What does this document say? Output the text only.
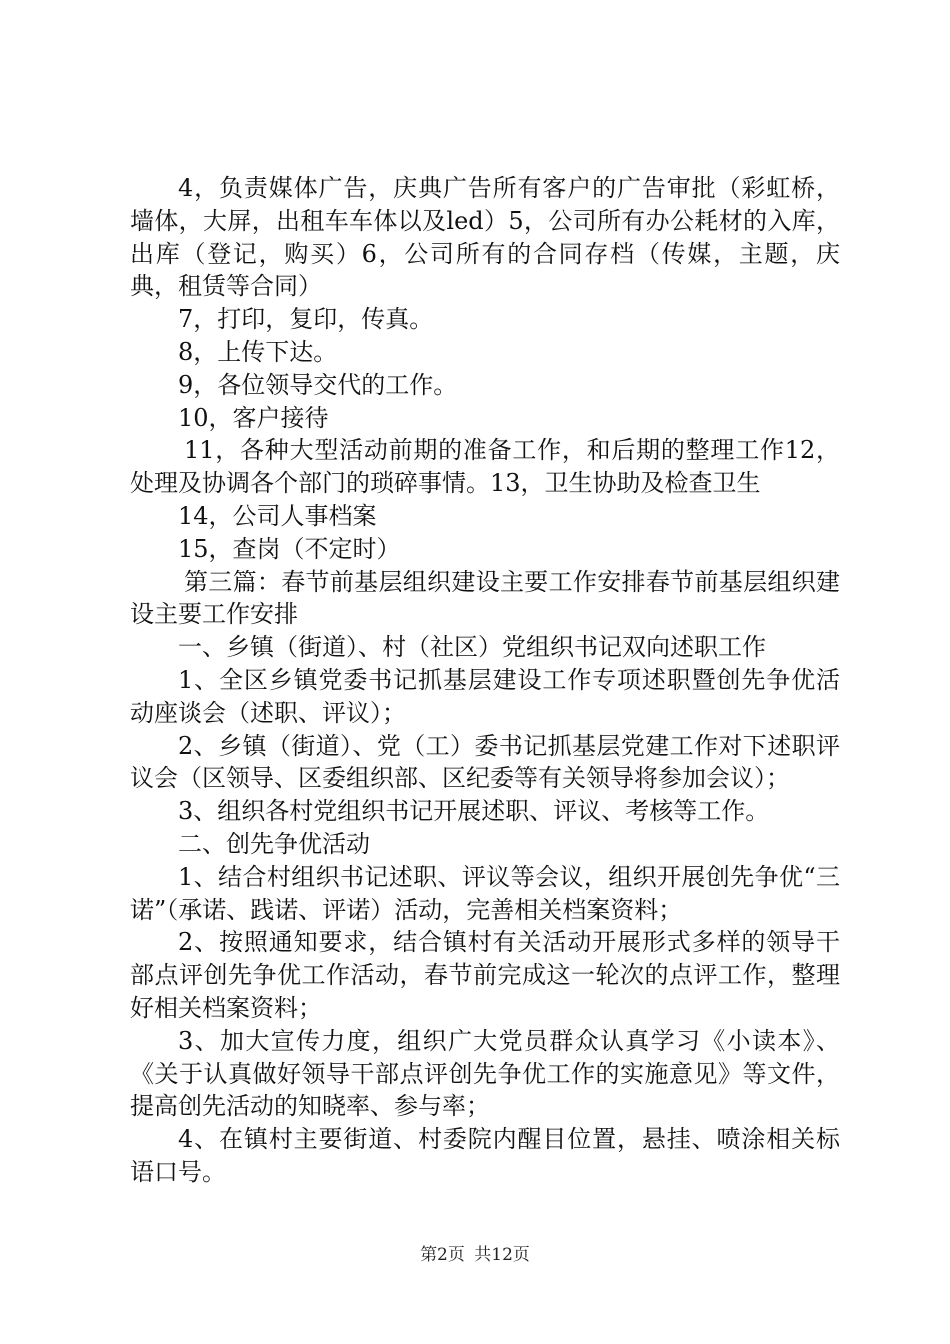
4，负责媒体广告，庆典广告所有客户的广告审批（彩虹桥，墙体，大屏，出租车车体以及led）5，公司所有办公耗材的入库，出库（登记，购买）6，公司所有的合同存档（传媒，主题，庆典，租赁等合同）

7，打印，复印，传真。

8，上传下达。

9，各位领导交代的工作。

10，客户接待

11，各种大型活动前期的准备工作，和后期的整理工作12，处理及协调各个部门的琐碎事情。13，卫生协助及检查卫生

14，公司人事档案

15，查岗（不定时）

第三篇：春节前基层组织建设主要工作安排春节前基层组织建设主要工作安排

一、乡镇（街道）、村（社区）党组织书记双向述职工作

1、全区乡镇党委书记抓基层建设工作专项述职暨创先争优活动座谈会（述职、评议）；

2、乡镇（街道）、党（工）委书记抓基层党建工作对下述职评议会（区领导、区委组织部、区纪委等有关领导将参加会议）；

3、组织各村党组织书记开展述职、评议、考核等工作。

二、创先争优活动

1、结合村组织书记述职、评议等会议，组织开展创先争优“三诺”（承诺、践诺、评诺）活动，完善相关档案资料；

2、按照通知要求，结合镇村有关活动开展形式多样的领导干部点评创先争优工作活动，春节前完成这一轮次的点评工作，整理好相关档案资料；

3、加大宣传力度，组织广大党员群众认真学习《小读本》、《关于认真做好领导干部点评创先争优工作的实施意见》等文件，提高创先活动的知晓率、参与率；

4、在镇村主要街道、村委院内醒目位置，悬挂、喷涂相关标语口号。

第2页 共12页
